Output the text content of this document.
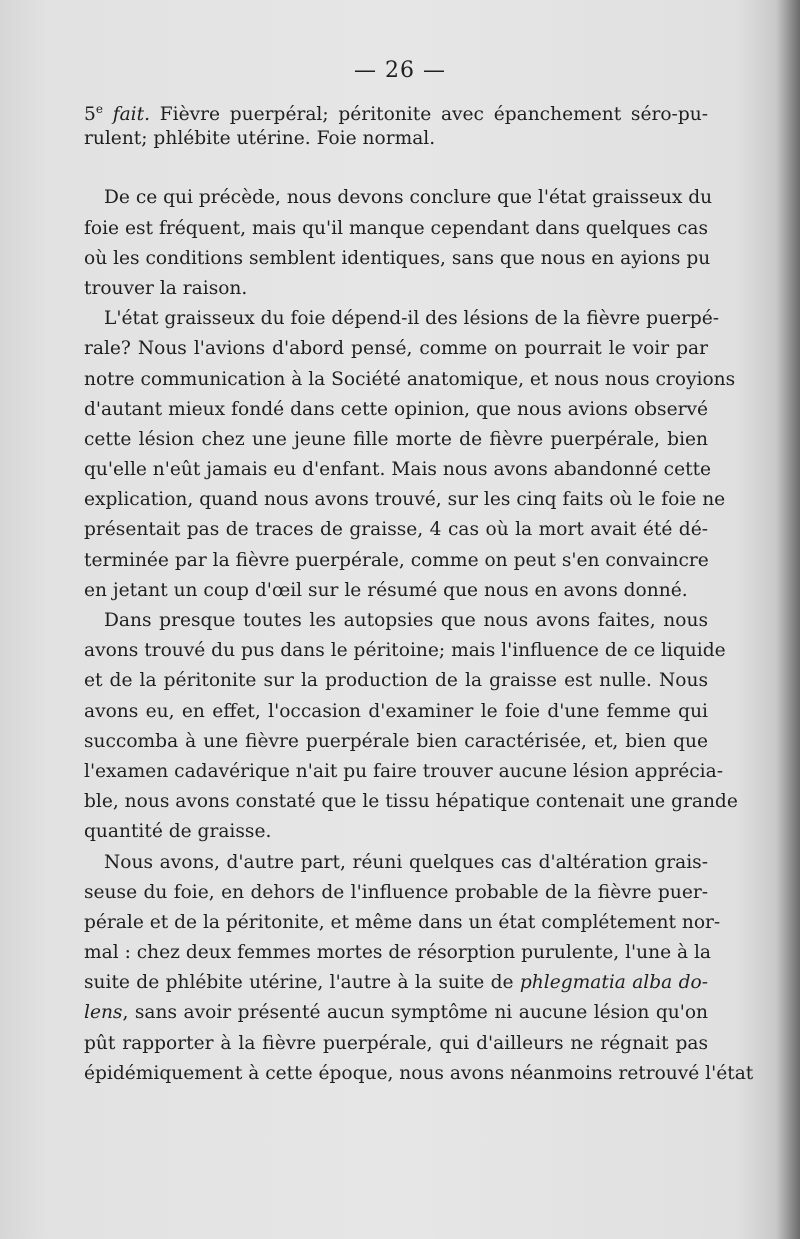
— 26 —
5e fait. Fièvre puerpéral; péritonite avec épanchement séro-pu-
rulent; phlébite utérine. Foie normal.
De ce qui précède, nous devons conclure que l'état graisseux du
foie est fréquent, mais qu'il manque cependant dans quelques cas
où les conditions semblent identiques, sans que nous en ayions pu
trouver la raison.
L'état graisseux du foie dépend-il des lésions de la fièvre puerpé-
rale? Nous l'avions d'abord pensé, comme on pourrait le voir par
notre communication à la Société anatomique, et nous nous croyions
d'autant mieux fondé dans cette opinion, que nous avions observé
cette lésion chez une jeune fille morte de fièvre puerpérale, bien
qu'elle n'eût jamais eu d'enfant. Mais nous avons abandonné cette
explication, quand nous avons trouvé, sur les cinq faits où le foie ne
présentait pas de traces de graisse, 4 cas où la mort avait été dé-
terminée par la fièvre puerpérale, comme on peut s'en convaincre
en jetant un coup d'œil sur le résumé que nous en avons donné.
Dans presque toutes les autopsies que nous avons faites, nous
avons trouvé du pus dans le péritoine; mais l'influence de ce liquide
et de la péritonite sur la production de la graisse est nulle. Nous
avons eu, en effet, l'occasion d'examiner le foie d'une femme qui
succomba à une fièvre puerpérale bien caractérisée, et, bien que
l'examen cadavérique n'ait pu faire trouver aucune lésion apprécia-
ble, nous avons constaté que le tissu hépatique contenait une grande
quantité de graisse.
Nous avons, d'autre part, réuni quelques cas d'altération grais-
seuse du foie, en dehors de l'influence probable de la fièvre puer-
pérale et de la péritonite, et même dans un état complétement nor-
mal : chez deux femmes mortes de résorption purulente, l'une à la
suite de phlébite utérine, l'autre à la suite de phlegmatia alba do-
lens, sans avoir présenté aucun symptôme ni aucune lésion qu'on
pût rapporter à la fièvre puerpérale, qui d'ailleurs ne régnait pas
épidémiquement à cette époque, nous avons néanmoins retrouvé l'état
